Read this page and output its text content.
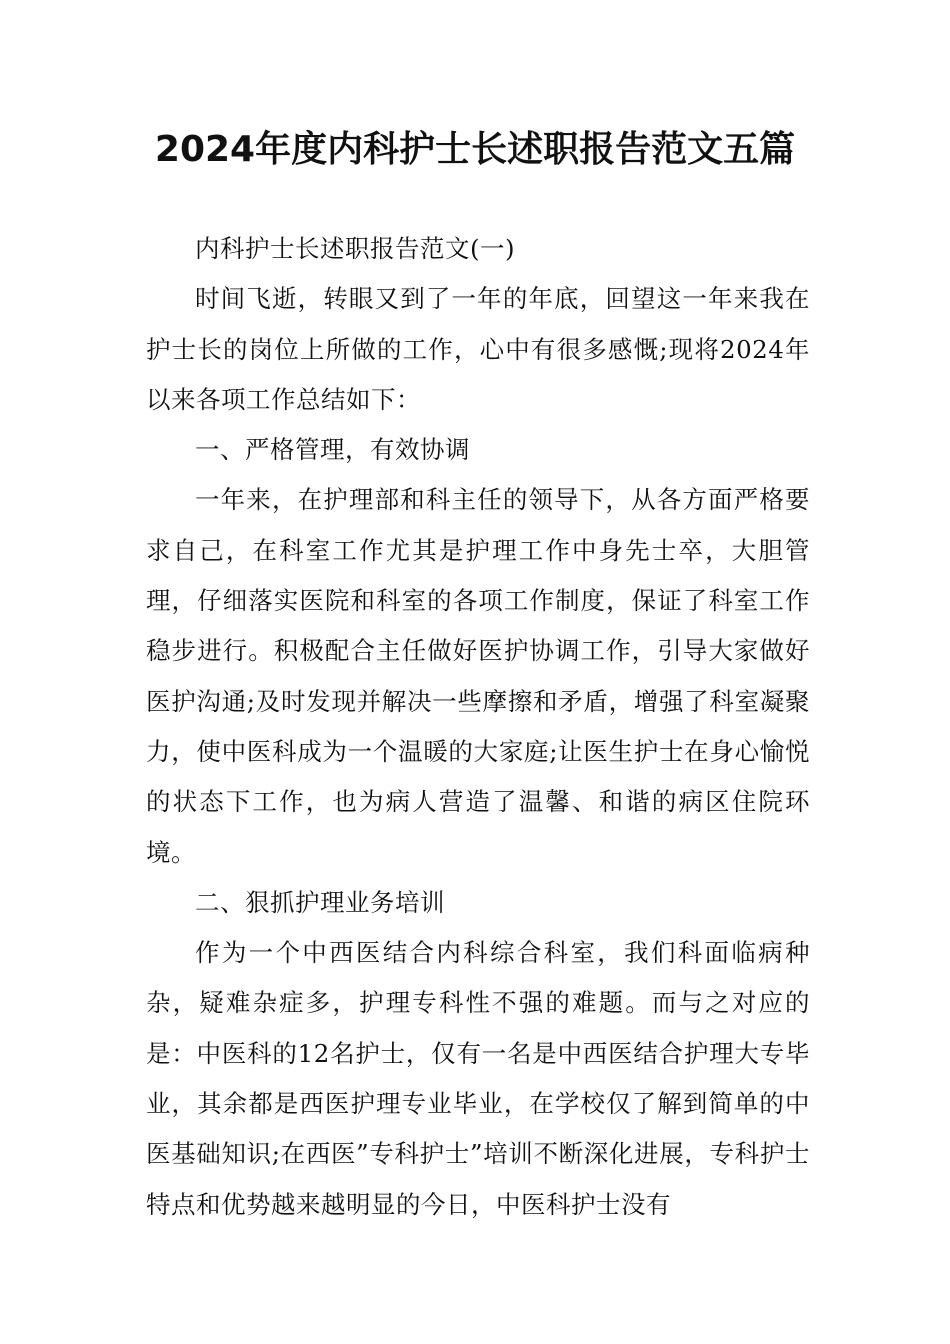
2024年度内科护士长述职报告范文五篇

内科护士长述职报告范文(一)

时间飞逝，转眼又到了一年的年底，回望这一年来我在护士长的岗位上所做的工作，心中有很多感慨;现将2024年以来各项工作总结如下：

一、严格管理，有效协调

一年来，在护理部和科主任的领导下，从各方面严格要求自己，在科室工作尤其是护理工作中身先士卒，大胆管理，仔细落实医院和科室的各项工作制度，保证了科室工作稳步进行。积极配合主任做好医护协调工作，引导大家做好医护沟通;及时发现并解决一些摩擦和矛盾，增强了科室凝聚力，使中医科成为一个温暖的大家庭;让医生护士在身心愉悦的状态下工作，也为病人营造了温馨、和谐的病区住院环境。

二、狠抓护理业务培训

作为一个中西医结合内科综合科室，我们科面临病种杂，疑难杂症多，护理专科性不强的难题。而与之对应的是：中医科的12名护士，仅有一名是中西医结合护理大专毕业，其余都是西医护理专业毕业，在学校仅了解到简单的中医基础知识;在西医”专科护士”培训不断深化进展，专科护士特点和优势越来越明显的今日，中医科护士没有
